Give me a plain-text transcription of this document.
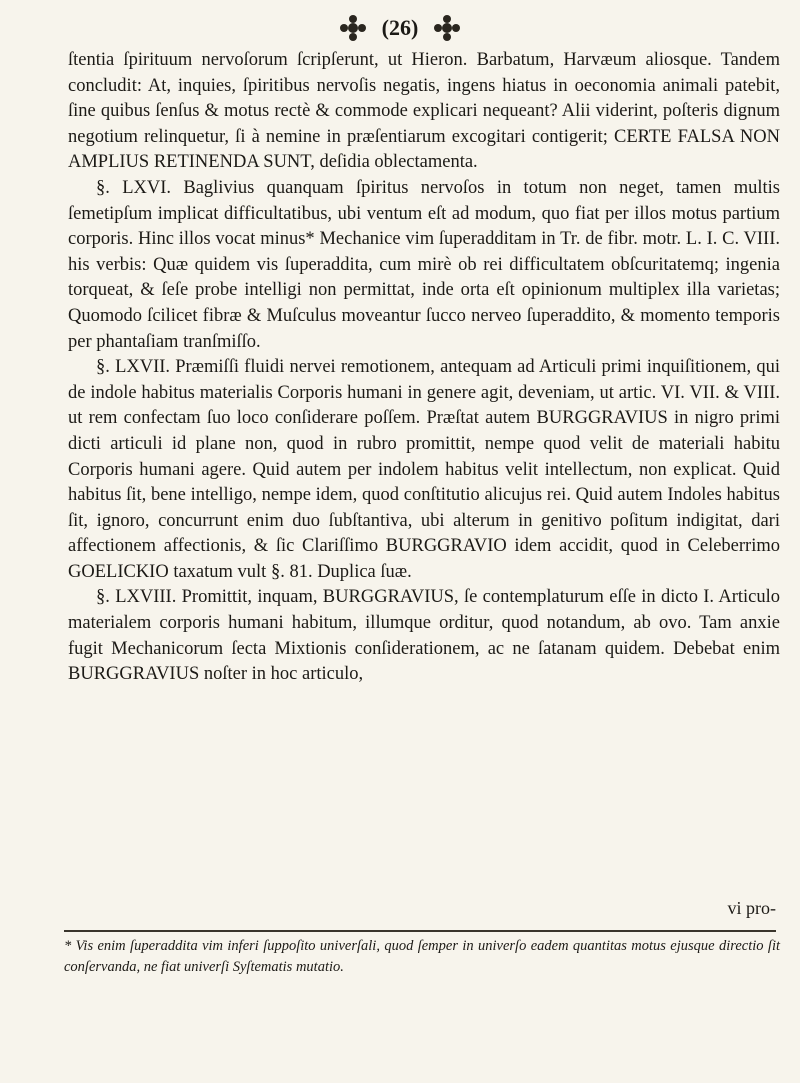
(26)

ſtentia ſpirituum nervoſorum ſcripſerunt, ut Hieron. Barbatum, Harvæum aliosque. Tandem concludit: At, inquies, ſpiritibus nervoſis negatis, ingens hiatus in oeconomia animali patebit, ſine quibus ſenſus & motus rectè & commode explicari nequeant? Alii viderint, poſteris dignum negotium relinquetur, ſi à nemine in præſentiarum excogitari contigerit; CERTE FALSA NON AMPLIUS RETINENDA SUNT, deſidia oblectamenta.

§. LXVI. Baglivius quanquam ſpiritus nervoſos in totum non neget, tamen multis ſemetipſum implicat difficultatibus, ubi ventum eſt ad modum, quo fiat per illos motus partium corporis. Hinc illos vocat minus* Mechanice vim ſuperadditam in Tr. de fibr. motr. L. I. C. VIII. his verbis: Quæ quidem vis ſuperaddita, cum mirè ob rei difficultatem obſcuritatemq; ingenia torqueat, & ſeſe probe intelligi non permittat, inde orta eſt opinionum multiplex illa varietas; Quomodo ſcilicet fibræ & Muſculus moveantur ſucco nerveo ſuperaddito, & momento temporis per phantaſiam tranſmiſſo.

§. LXVII. Præmiſſi fluidi nervei remotionem, antequam ad Articuli primi inquiſitionem, qui de indole habitus materialis Corporis humani in genere agit, deveniam, ut artic. VI. VII. & VIII. ut rem confectam ſuo loco conſiderare poſſem. Præſtat autem BURGGRAVIUS in nigro primi dicti articuli id plane non, quod in rubro promittit, nempe quod velit de materiali habitu Corporis humani agere. Quid autem per indolem habitus velit intellectum, non explicat. Quid habitus ſit, bene intelligo, nempe idem, quod conſtitutio alicujus rei. Quid autem Indoles habitus ſit, ignoro, concurrunt enim duo ſubſtantiva, ubi alterum in genitivo poſitum indigitat, dari affectionem affectionis, & ſic Clariſſimo BURGGRAVIO idem accidit, quod in Celeberrimo GOELICKIO taxatum vult §. 81. Duplica ſuæ.

§. LXVIII. Promittit, inquam, BURGGRAVIUS, ſe contemplaturum eſſe in dicto I. Articulo materialem corporis humani habitum, illumque orditur, quod notandum, ab ovo. Tam anxie fugit Mechanicorum ſecta Mixtionis conſiderationem, ac ne ſatanam quidem. Debebat enim BURGGRAVIUS noſter in hoc articulo,

vi pro-
* Vis enim ſuperaddita vim inferi ſuppoſito univerſali, quod ſemper in univerſo eadem quantitas motus ejusque directio ſit conſervanda, ne fiat univerſi Syſtematis mutatio.
